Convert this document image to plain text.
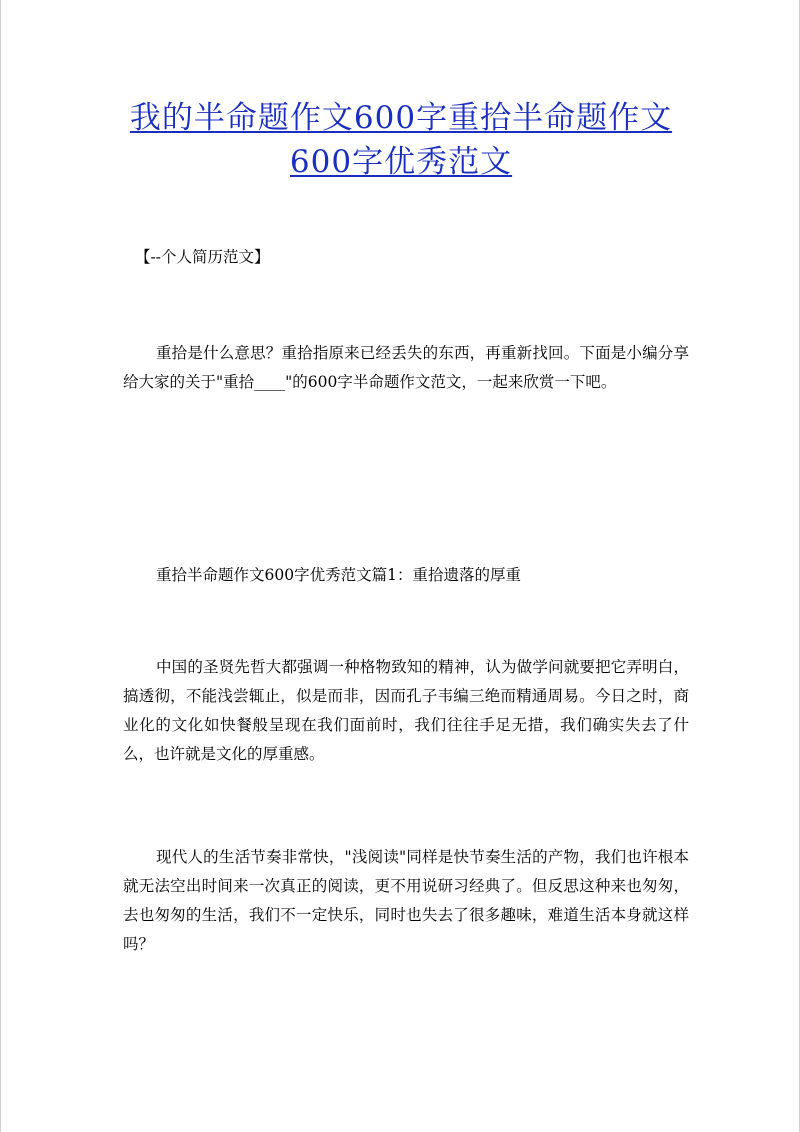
我的半命题作文600字重拾半命题作文600字优秀范文

【--个人简历范文】

重拾是什么意思？重拾指原来已经丢失的东西，再重新找回。下面是小编分享给大家的关于"重拾____"的600字半命题作文范文，一起来欣赏一下吧。

重拾半命题作文600字优秀范文篇1：重拾遗落的厚重

中国的圣贤先哲大都强调一种格物致知的精神，认为做学问就要把它弄明白，搞透彻，不能浅尝辄止，似是而非，因而孔子韦编三绝而精通周易。今日之时，商业化的文化如快餐般呈现在我们面前时，我们往往手足无措，我们确实失去了什么，也许就是文化的厚重感。

现代人的生活节奏非常快，"浅阅读"同样是快节奏生活的产物，我们也许根本就无法空出时间来一次真正的阅读，更不用说研习经典了。但反思这种来也匆匆，去也匆匆的生活，我们不一定快乐，同时也失去了很多趣味，难道生活本身就这样吗？
